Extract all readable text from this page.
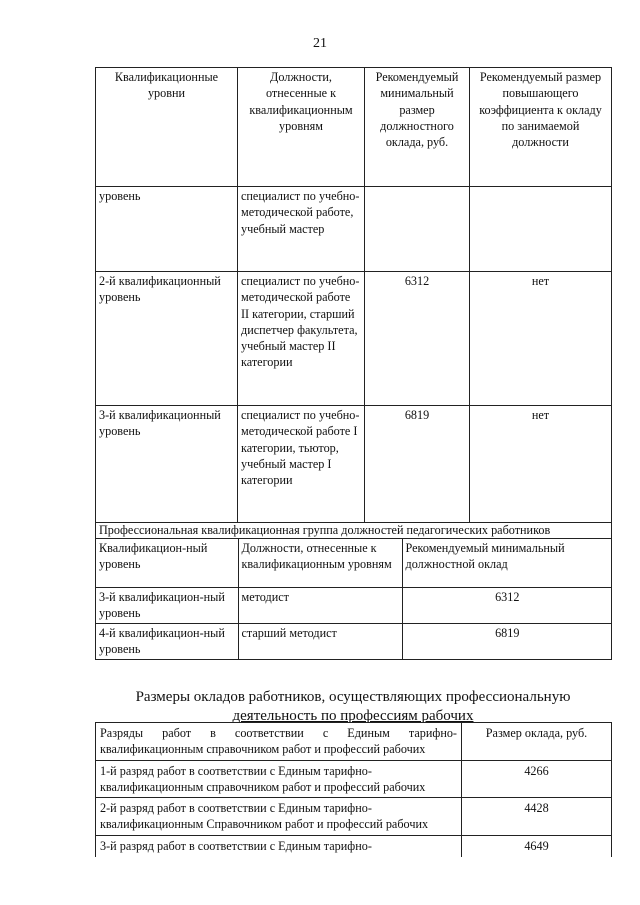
21
Квалификационные уровни	Должности, отнесенные к квалификационным уровням	Рекомендуемый минимальный размер должностного оклада, руб.	Рекомендуемый размер повышающего коэффициента к окладу по занимаемой должности
уровень	специалист по учебно-методической работе, учебный мастер		
2-й квалификационный уровень	специалист по учебно-методической работе II категории, старший диспетчер факультета, учебный мастер II категории	6312	нет
3-й квалификационный уровень	специалист по учебно-методической работе I категории, тьютор, учебный мастер I категории	6819	нет
Профессиональная квалификационная группа должностей педагогических работников

Квалификацион-ный уровень	Должности, отнесенные к квалификационным уровням	Рекомендуемый минимальный должностной оклад
3-й квалификацион-ный уровень	методист	6312
4-й квалификацион-ный уровень	старший методист	6819
Размеры окладов работников, осуществляющих профессиональную
деятельность по профессиям рабочих
Разряды работ в соответствии с Единым тарифно-квалификационным справочником работ и профессий рабочих	Размер оклада, руб.
1-й разряд работ в соответствии с Единым тарифно-квалификационным справочником работ и профессий рабочих	4266
2-й разряд работ в соответствии с Единым тарифно-квалификационным Справочником работ и профессий рабочих	4428
3-й разряд работ в соответствии с Единым тарифно-	4649
